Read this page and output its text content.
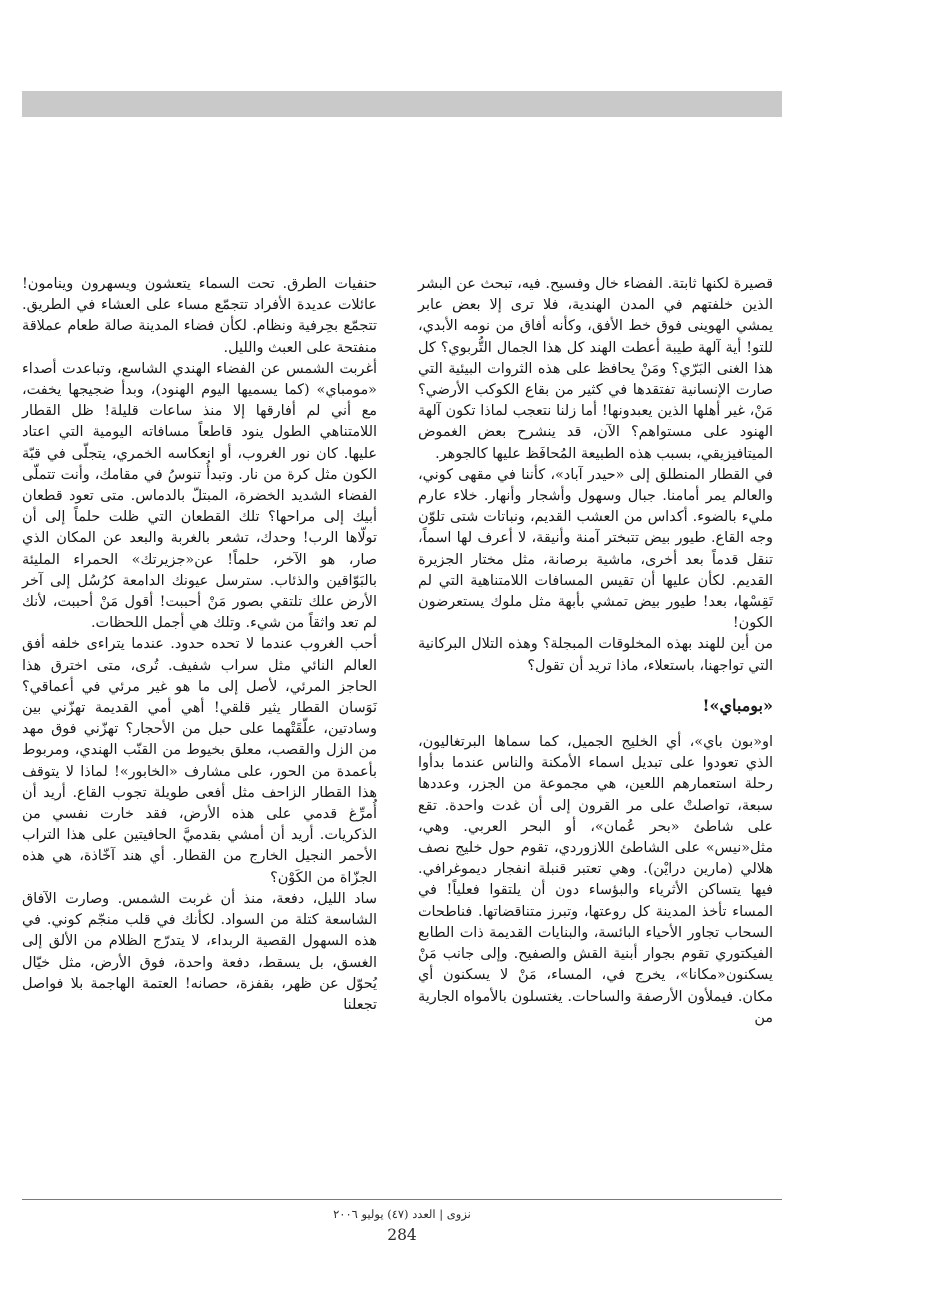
قصيرة لكنها ثابتة. الفضاء خال وفسيح. فيه، تبحث عن البشر الذين خلفتهم في المدن الهندية، فلا ترى إلا بعض عابر يمشي الهوينى فوق خط الأفق، وكأنه أفاق من نومه الأبدي، للتو! أية آلهة طيبة أعطت الهند كل هذا الجمال التُّربوي؟ كل هذا الغنى البَرّي؟ ومَنْ يحافظ على هذه الثروات البيئية التي صارت الإنسانية تفتقدها في كثير من بقاع الكوكب الأرضي؟ مَنْ، غير أهلها الذين يعبدونها! أما زلنا نتعجب لماذا تكون آلهة الهنود على مستواهم؟ الآن، قد ينشرح بعض الغموض الميتافيزيقي، بسبب هذه الطبيعة المُحافَظ عليها كالجوهر.

في القطار المنطلق إلى «حيدر آباد»، كأننا في مقهى كوني، والعالم يمر أمامنا. جبال وسهول وأشجار وأنهار. خلاء عارم مليء بالضوء. أكداس من العشب القديم، ونباتات شتى تلوّن وجه القاع. طيور بيض تتبختر آمنة وأنيقة، لا أعرف لها اسماً، تنقل قدماً بعد أخرى، ماشية برصانة، مثل مختار الجزيرة القديم. لكأن عليها أن تقيس المسافات اللامتناهية التي لم تَقِسْها، بعد! طيور بيض تمشي بأبهة مثل ملوك يستعرضون الكون!

من أين للهند بهذه المخلوقات المبجلة؟ وهذه التلال البركانية التي تواجهنا، باستعلاء، ماذا تريد أن تقول؟

«بومباي»!

او«بون باي»، أي الخليج الجميل، كما سماها البرتغاليون، الذي تعودوا على تبديل اسماء الأمكنة والناس عندما بدأوا رحلة استعمارهم اللعين، هي مجموعة من الجزر، وعددها سبعة، تواصلتْ على مر القرون إلى أن غدت واحدة. تقع على شاطئ «بحر عُمان»، أو البحر العربي. وهي، مثل«نيس» على الشاطئ اللازوردي، تقوم حول خليج نصف هلالي (مارين درايْن). وهي تعتبر قنبلة انفجار ديموغرافي. فيها يتساكن الأثرياء والبؤساء دون أن يلتقوا فعلياً! في المساء تأخذ المدينة كل روعتها، وتبرز متناقضاتها. فناطحات السحاب تجاور الأحياء البائسة، والبنايات القديمة ذات الطابع الفيكتوري تقوم بجوار أبنية القش والصفيح. وإلى جانب مَنْ يسكنون«مكانا»، يخرج في، المساء، مَنْ لا يسكنون أي مكان. فيملأون الأرصفة والساحات. يغتسلون بالأمواه الجارية من

حنفيات الطرق. تحت السماء يتعشون ويسهرون وينامون! عائلات عديدة الأفراد تتجمّع مساء على العشاء في الطريق. تتجمّع بحِرفية ونظام. لكأن فضاء المدينة صالة طعام عملاقة منفتحة على العبث والليل.

أغربت الشمس عن الفضاء الهندي الشاسع، وتباعدت أصداء «مومباي» (كما يسميها اليوم الهنود)، وبدأ ضجيجها يخفت، مع أني لم أفارقها إلا منذ ساعات قليلة! ظل القطار اللامتناهي الطول ينود قاطعاً مسافاته اليومية التي اعتاد عليها. كان نور الغروب، أو انعكاسه الخمري، يتجلّى في قبّة الكون مثل كرة من نار. وتبدأُ تنوسُ في مقامك، وأنت تتملّى الفضاء الشديد الخضرة، المبتلّ بالدماس. متى تعود قطعان أبيك إلى مراحها؟ تلك القطعان التي ظلت حلماً إلى أن تولّاها الرب! وحدك، تشعر بالغربة والبعد عن المكان الذي صار، هو الآخر، حلماً! عن«جزيرتك» الحمراء المليئة بالبَوّاقين والذئاب. سترسل عيونك الدامعة كرُسُل إلى آخر الأرض علك تلتقي بصور مَنْ أحببت! أقول مَنْ أحببت، لأنك لم تعد واثقاً من شيء. وتلك هي أجمل اللحظات.

أحب الغروب عندما لا تحده حدود. عندما يتراءى خلفه أفق العالم النائي مثل سراب شفيف. تُرى، متى اخترق هذا الحاجز المرئي، لأصل إلى ما هو غير مرئي في أعماقي؟ نَوَسان القطار يثير قلقي! أهي أمي القديمة تهزّني بين وسادتين، علّقَتْهما على حبل من الأحجار؟ تهزّني فوق مهد من الزل والقصب، معلق بخيوط من القنّب الهندي، ومربوط بأعمدة من الحور، على مشارف «الخابور»! لماذا لا يتوقف هذا القطار الزاحف مثل أفعى طويلة تجوب القاع. أريد أن أُمرِّغ قدمي على هذه الأرض، فقد خارت نفسي من الذكريات. أريد أن أمشي بقدميَّ الحافيتين على هذا التراب الأحمر النجيل الخارج من القطار. أي هند آخّاذة، هي هذه الجزّاة من الكَوْن؟

ساد الليل، دفعة، منذ أن غربت الشمس. وصارت الآفاق الشاسعة كتلة من السواد. لكأنك في قلب منجّم كوني. في هذه السهول القصية الربداء، لا يتدرّج الظلام من الألق إلى الغسق، بل يسقط، دفعة واحدة، فوق الأرض، مثل خيّال يُحوّل عن ظهر، بقفزة، حصانه! العتمة الهاجمة بلا فواصل تجعلنا

نزوى | العدد (٤٧) يوليو ٢٠٠٦
284
